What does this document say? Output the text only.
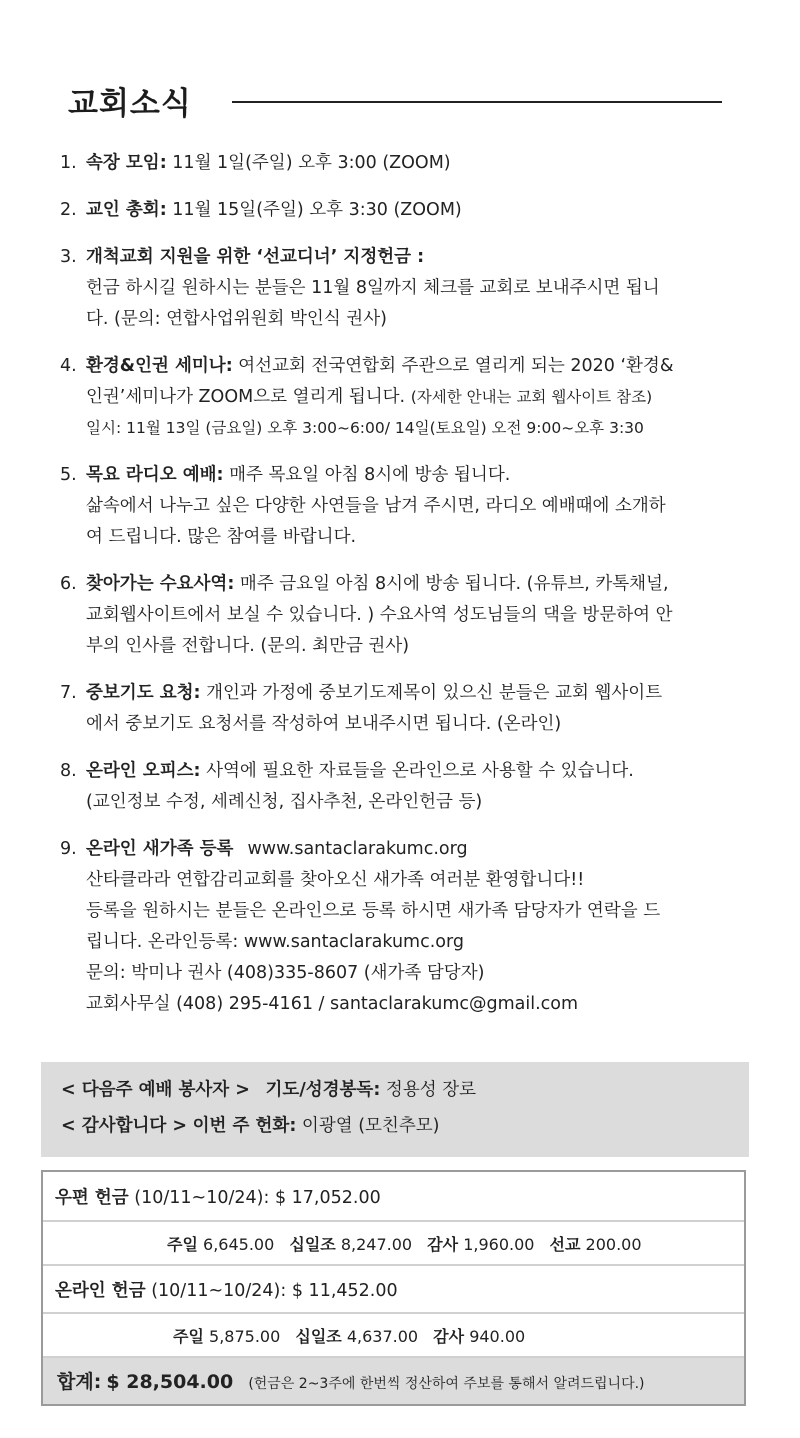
교회소식
1. 속장 모임: 11월 1일(주일) 오후 3:00 (ZOOM)
2. 교인 총회: 11월 15일(주일) 오후 3:30 (ZOOM)
3. 개척교회 지원을 위한 ‘선교디너’ 지정헌금 :
헌금 하시길 원하시는 분들은 11월 8일까지 체크를 교회로 보내주시면 됩니
다. (문의: 연합사업위원회 박인식 권사)
4. 환경&인권 세미나: 여선교회 전국연합회 주관으로 열리게 되는 2020 ‘환경&
인권’세미나가 ZOOM으로 열리게 됩니다. (자세한 안내는 교회 웹사이트 참조)
일시: 11월 13일 (금요일) 오후 3:00~6:00/ 14일(토요일) 오전 9:00~오후 3:30
5. 목요 라디오 예배: 매주 목요일 아침 8시에 방송 됩니다.
삶속에서 나누고 싶은 다양한 사연들을 남겨 주시면, 라디오 예배때에 소개하
여 드립니다. 많은 참여를 바랍니다.
6. 찾아가는 수요사역: 매주 금요일 아침 8시에 방송 됩니다. (유튜브, 카톡채널,
교회웹사이트에서 보실 수 있습니다. ) 수요사역 성도님들의 댁을 방문하여 안
부의 인사를 전합니다. (문의. 최만금 권사)
7. 중보기도 요청: 개인과 가정에 중보기도제목이 있으신 분들은 교회 웹사이트
에서 중보기도 요청서를 작성하여 보내주시면 됩니다. (온라인)
8. 온라인 오피스: 사역에 필요한 자료들을 온라인으로 사용할 수 있습니다.
(교인정보 수정, 세례신청, 집사추천, 온라인헌금 등)
9. 온라인 새가족 등록 www.santaclarakumc.org
산타클라라 연합감리교회를 찾아오신 새가족 여러분 환영합니다!!
등록을 원하시는 분들은 온라인으로 등록 하시면 새가족 담당자가 연락을 드
립니다. 온라인등록: www.santaclarakumc.org
문의: 박미나 권사 (408)335-8607 (새가족 담당자)
교회사무실 (408) 295-4161 / santaclarakumc@gmail.com
< 다음주 예배 봉사자 > 기도/성경봉독: 정용성 장로
< 감사합니다 > 이번 주 헌화: 이광열 (모친추모)
우편 헌금 (10/11~10/24): $ 17,052.00
주일 6,645.00 십일조 8,247.00 감사 1,960.00 선교 200.00
온라인 헌금 (10/11~10/24): $ 11,452.00
주일 5,875.00 십일조 4,637.00 감사 940.00
합계: $ 28,504.00 (헌금은 2~3주에 한번씩 정산하여 주보를 통해서 알려드립니다.)
